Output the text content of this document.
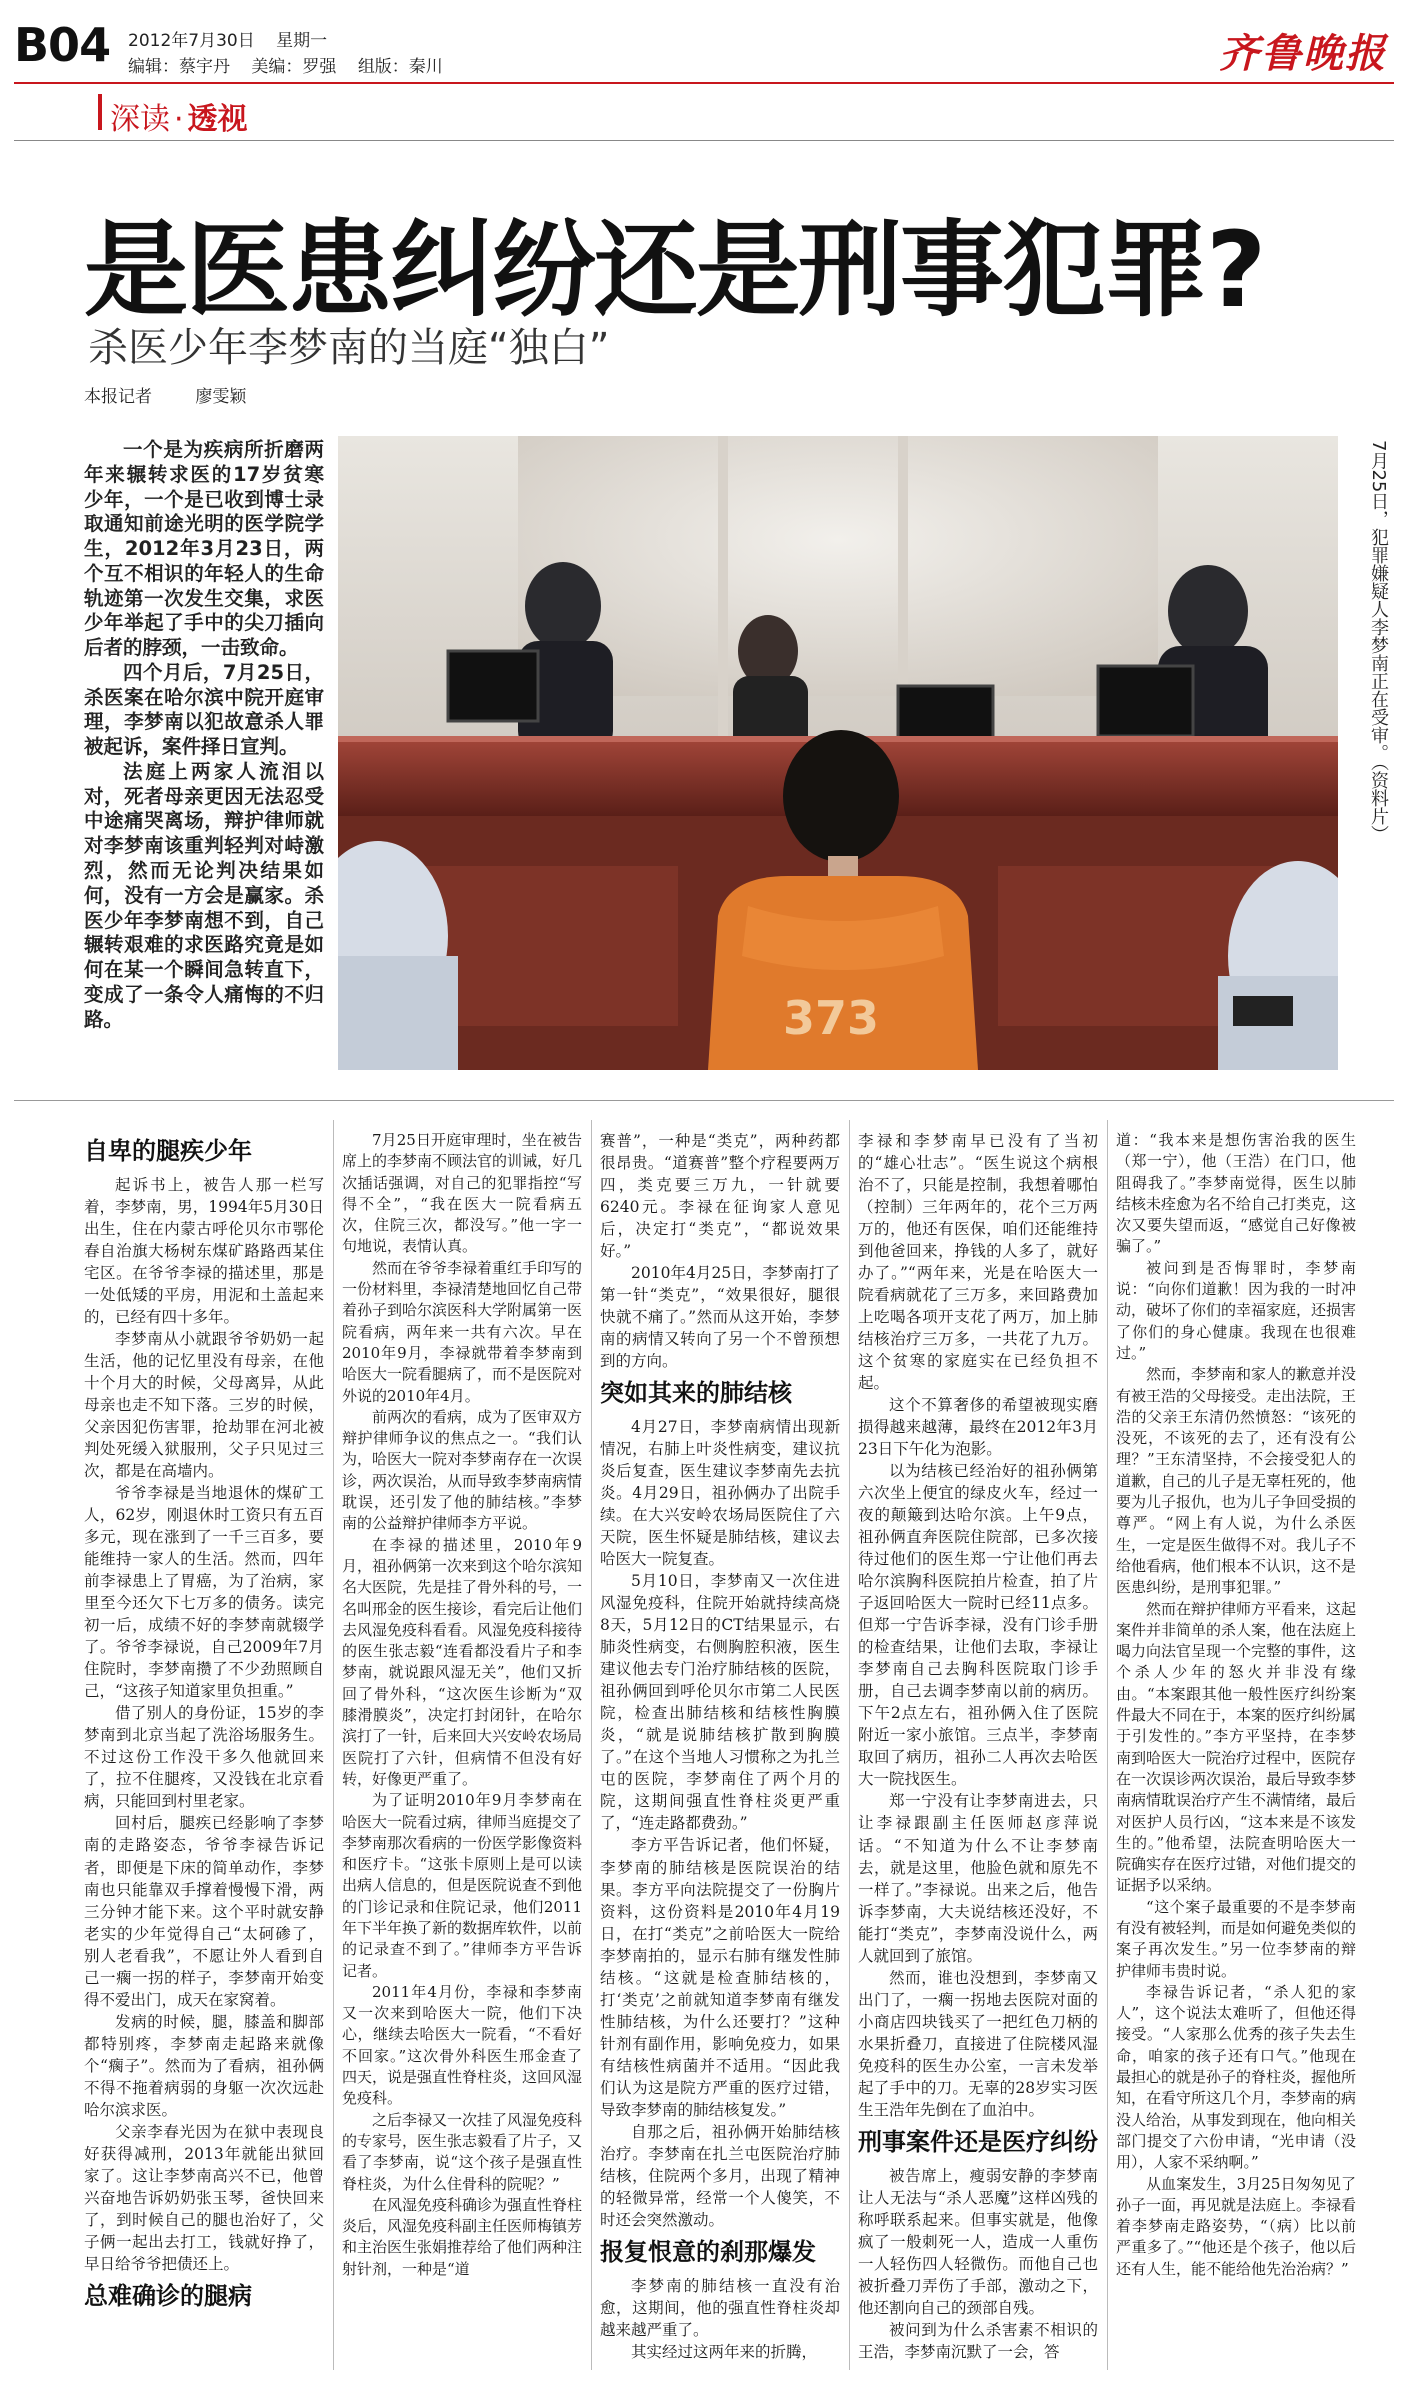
B04 2012年7月30日 星期一
编辑：蔡宇丹 美编：罗强 组版：秦川	齐鲁晚报
深读 · 透视
是医患纠纷还是刑事犯罪?
杀医少年李梦南的当庭“独白”
本报记者	廖雯颖

一个是为疾病所折磨两年来辗转求医的17岁贫寒少年，一个是已收到博士录取通知前途光明的医学院学生，2012年3月23日，两个互不相识的年轻人的生命轨迹第一次发生交集，求医少年举起了手中的尖刀插向后者的脖颈，一击致命。

四个月后，7月25日，杀医案在哈尔滨中院开庭审理，李梦南以犯故意杀人罪被起诉，案件择日宣判。

法庭上两家人流泪以对，死者母亲更因无法忍受中途痛哭离场，辩护律师就对李梦南该重判轻判对峙激烈，然而无论判决结果如何，没有一方会是赢家。杀医少年李梦南想不到，自己辗转艰难的求医路究竟是如何在某一个瞬间急转直下，变成了一条令人痛悔的不归路。	373
7月25日，犯罪嫌疑人李梦南正在受审。（资料片）
自卑的腿疾少年

起诉书上，被告人那一栏写着，李梦南，男，1994年5月30日出生，住在内蒙古呼伦贝尔市鄂伦春自治旗大杨树东煤矿路路西某住宅区。在爷爷李禄的描述里，那是一处低矮的平房，用泥和土盖起来的，已经有四十多年。

李梦南从小就跟爷爷奶奶一起生活，他的记忆里没有母亲，在他十个月大的时候，父母离异，从此母亲也走不知下落。三岁的时候，父亲因犯伤害罪，抢劫罪在河北被判处死缓入狱服刑，父子只见过三次，都是在高墙内。

爷爷李禄是当地退休的煤矿工人，62岁，刚退休时工资只有五百多元，现在涨到了一千三百多，要能维持一家人的生活。然而，四年前李禄患上了胃癌，为了治病，家里至今还欠下七万多的债务。读完初一后，成绩不好的李梦南就辍学了。爷爷李禄说，自己2009年7月住院时，李梦南攒了不少劲照顾自己，“这孩子知道家里负担重。”

借了别人的身份证，15岁的李梦南到北京当起了洗浴场服务生。不过这份工作没干多久他就回来了，拉不住腿疼，又没钱在北京看病，只能回到村里老家。

回村后，腿疾已经影响了李梦南的走路姿态，爷爷李禄告诉记者，即便是下床的简单动作，李梦南也只能靠双手撑着慢慢下滑，两三分钟才能下来。这个平时就安静老实的少年觉得自己“太砢碜了，别人老看我”，不愿让外人看到自己一瘸一拐的样子，李梦南开始变得不爱出门，成天在家窝着。

发病的时候，腿，膝盖和脚部都特别疼，李梦南走起路来就像个“瘸子”。然而为了看病，祖孙俩不得不拖着病弱的身躯一次次远赴哈尔滨求医。

父亲李春光因为在狱中表现良好获得减刑，2013年就能出狱回家了。这让李梦南高兴不已，他曾兴奋地告诉奶奶张玉琴，爸快回来了，到时候自己的腿也治好了，父子俩一起出去打工，钱就好挣了，早日给爷爷把债还上。

总难确诊的腿病

7月25日开庭审理时，坐在被告席上的李梦南不顾法官的训诫，好几次插话强调，对自己的犯罪指控“写得不全”，“我在医大一院看病五次，住院三次，都没写。”他一字一句地说，表情认真。

然而在爷爷李禄着重红手印写的一份材料里，李禄清楚地回忆自己带着孙子到哈尔滨医科大学附属第一医院看病，两年来一共有六次。早在2010年9月，李禄就带着李梦南到哈医大一院看腿病了，而不是医院对外说的2010年4月。

前两次的看病，成为了医审双方辩护律师争议的焦点之一。“我们认为，哈医大一院对李梦南存在一次误诊，两次误治，从而导致李梦南病情耽误，还引发了他的肺结核。”李梦南的公益辩护律师李方平说。

在李禄的描述里，2010年9月，祖孙俩第一次来到这个哈尔滨知名大医院，先是挂了骨外科的号，一名叫邢金的医生接诊，看完后让他们去风湿免疫科看看。风湿免疫科接待的医生张志毅“连看都没看片子和李梦南，就说跟风湿无关”，他们又折回了骨外科，“这次医生诊断为“双膝滑膜炎”，决定打封闭针，在哈尔滨打了一针，后来回大兴安岭农场局医院打了六针，但病情不但没有好转，好像更严重了。

为了证明2010年9月李梦南在哈医大一院看过病，律师当庭提交了李梦南那次看病的一份医学影像资料和医疗卡。“这张卡原则上是可以读出病人信息的，但是医院说查不到他的门诊记录和住院记录，他们2011年下半年换了新的数据库软件，以前的记录查不到了。”律师李方平告诉记者。

2011年4月份，李禄和李梦南又一次来到哈医大一院，他们下决心，继续去哈医大一院看，“不看好不回家。”这次骨外科医生邢金查了四天，说是强直性脊柱炎，这回风湿免疫科。

之后李禄又一次挂了风湿免疫科的专家号，医生张志毅看了片子，又看了李梦南，说“这个孩子是强直性脊柱炎，为什么住骨科的院呢？”

在风湿免疫科确诊为强直性脊柱炎后，风湿免疫科副主任医师梅镇芳和主治医生张娟推荐给了他们两种注射针剂，一种是“道

赛普”，一种是“类克”，两种药都很昂贵。“道赛普”整个疗程要两万四，类克要三万九，一针就要6240元。李禄在征询家人意见后，决定打“类克”，“都说效果好。”

2010年4月25日，李梦南打了第一针“类克”，“效果很好，腿很快就不痛了。”然而从这开始，李梦南的病情又转向了另一个不曾预想到的方向。

突如其来的肺结核

4月27日，李梦南病情出现新情况，右肺上叶炎性病变，建议抗炎后复查，医生建议李梦南先去抗炎。4月29日，祖孙俩办了出院手续。在大兴安岭农场局医院住了六天院，医生怀疑是肺结核，建议去哈医大一院复查。

5月10日，李梦南又一次住进风湿免疫科，住院开始就持续高烧8天，5月12日的CT结果显示，右肺炎性病变，右侧胸腔积液，医生建议他去专门治疗肺结核的医院，祖孙俩回到呼伦贝尔市第二人民医院，检查出肺结核和结核性胸膜炎，“就是说肺结核扩散到胸膜了。”在这个当地人习惯称之为扎兰屯的医院，李梦南住了两个月的院，这期间强直性脊柱炎更严重了，“连走路都费劲。”

李方平告诉记者，他们怀疑，李梦南的肺结核是医院误治的结果。李方平向法院提交了一份胸片资料，这份资料是2010年4月19日，在打“类克”之前哈医大一院给李梦南拍的，显示右肺有继发性肺结核。“这就是检查肺结核的，打‘类克’之前就知道李梦南有继发性肺结核，为什么还要打？”这种针剂有副作用，影响免疫力，如果有结核性病菌并不适用。“因此我们认为这是院方严重的医疗过错，导致李梦南的肺结核复发。”

自那之后，祖孙俩开始肺结核治疗。李梦南在扎兰屯医院治疗肺结核，住院两个多月，出现了精神的轻微异常，经常一个人傻笑，不时还会突然激动。

报复恨意的刹那爆发

李梦南的肺结核一直没有治愈，这期间，他的强直性脊柱炎却越来越严重了。

其实经过这两年来的折腾，

李禄和李梦南早已没有了当初的“雄心壮志”。“医生说这个病根治不了，只能是控制，我想着哪怕（控制）三年两年的，花个三万两万的，他还有医保，咱们还能维持到他爸回来，挣钱的人多了，就好办了。”“两年来，光是在哈医大一院看病就花了三万多，来回路费加上吃喝各项开支花了两万，加上肺结核治疗三万多，一共花了九万。这个贫寒的家庭实在已经负担不起。

这个不算奢侈的希望被现实磨损得越来越薄，最终在2012年3月23日下午化为泡影。

以为结核已经治好的祖孙俩第六次坐上便宜的绿皮火车，经过一夜的颠簸到达哈尔滨。上午9点，祖孙俩直奔医院住院部，已多次接待过他们的医生郑一宁让他们再去哈尔滨胸科医院拍片检查，拍了片子返回哈医大一院时已经11点多。但郑一宁告诉李禄，没有门诊手册的检查结果，让他们去取，李禄让李梦南自己去胸科医院取门诊手册，自己去调李梦南以前的病历。下午2点左右，祖孙俩入住了医院附近一家小旅馆。三点半，李梦南取回了病历，祖孙二人再次去哈医大一院找医生。

郑一宁没有让李梦南进去，只让李禄跟副主任医师赵彦萍说话。“不知道为什么不让李梦南去，就是这里，他脸色就和原先不一样了。”李禄说。出来之后，他告诉李梦南，大夫说结核还没好，不能打“类克”，李梦南没说什么，两人就回到了旅馆。

然而，谁也没想到，李梦南又出门了，一瘸一拐地去医院对面的小商店四块钱买了一把红色刀柄的水果折叠刀，直接进了住院楼风湿免疫科的医生办公室，一言未发举起了手中的刀。无辜的28岁实习医生王浩年先倒在了血泊中。

刑事案件还是医疗纠纷

被告席上，瘦弱安静的李梦南让人无法与“杀人恶魔”这样凶残的称呼联系起来。但事实就是，他像疯了一般刺死一人，造成一人重伤一人轻伤四人轻微伤。而他自己也被折叠刀弄伤了手部，激动之下，他还割向自己的颈部自残。

被问到为什么杀害素不相识的王浩，李梦南沉默了一会，答

道：“我本来是想伤害治我的医生（郑一宁），他（王浩）在门口，他阻碍我了。”李梦南觉得，医生以肺结核未痊愈为名不给自己打类克，这次又要失望而返，“感觉自己好像被骗了。”

被问到是否悔罪时，李梦南说：“向你们道歉！因为我的一时冲动，破坏了你们的幸福家庭，还损害了你们的身心健康。我现在也很难过。”

然而，李梦南和家人的歉意并没有被王浩的父母接受。走出法院，王浩的父亲王东清仍然愤怒：“该死的没死，不该死的去了，还有没有公理？”王东清坚持，不会接受犯人的道歉，自己的儿子是无辜枉死的，他要为儿子报仇，也为儿子争回受损的尊严。“网上有人说，为什么杀医生，一定是医生做得不对。我儿子不给他看病，他们根本不认识，这不是医患纠纷，是刑事犯罪。”

然而在辩护律师方平看来，这起案件并非简单的杀人案，他在法庭上喝力向法官呈现一个完整的事件，这个杀人少年的怒火并非没有缘由。“本案跟其他一般性医疗纠纷案件最大不同在于，本案的医疗纠纷属于引发性的。”李方平坚持，在李梦南到哈医大一院治疗过程中，医院存在一次误诊两次误治，最后导致李梦南病情耽误治疗产生不满情绪，最后对医护人员行凶，“这本来是不该发生的。”他希望，法院查明哈医大一院确实存在医疗过错，对他们提交的证据予以采纳。

“这个案子最重要的不是李梦南有没有被轻判，而是如何避免类似的案子再次发生。”另一位李梦南的辩护律师韦贵时说。

李禄告诉记者，“杀人犯的家人”，这个说法太难听了，但他还得接受。“人家那么优秀的孩子失去生命，咱家的孩子还有口气。”他现在最担心的就是孙子的脊柱炎，握他所知，在看守所这几个月，李梦南的病没人给治，从事发到现在，他向相关部门提交了六份申请，“光申请（没用），人家不采纳啊。”

从血案发生，3月25日匆匆见了孙子一面，再见就是法庭上。李禄看着李梦南走路姿势，“（病）比以前严重多了。”“他还是个孩子，他以后还有人生，能不能给他先治治病？”
